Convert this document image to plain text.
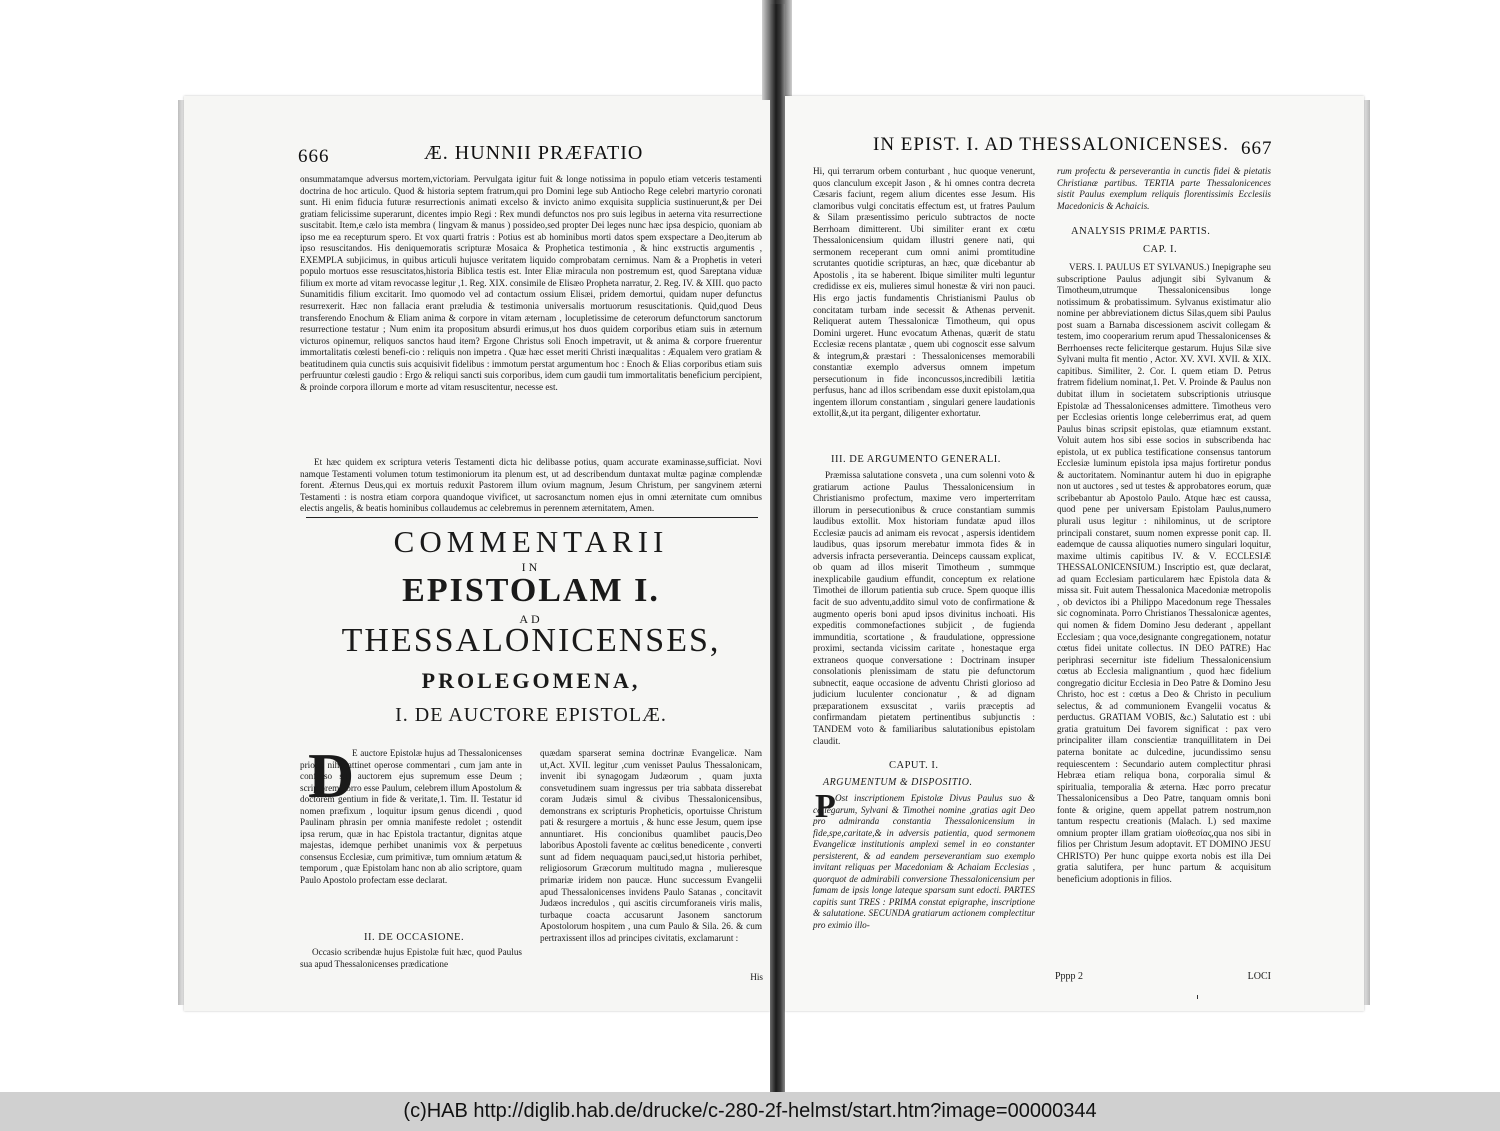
666	Æ. HUNNII PRÆFATIO
onsummatamque adversus mortem,victoriam. Pervulgata igitur fuit & longe notissima in populo etiam vetceris testamenti doctrina de hoc articulo. Quod & historia septem fratrum,qui pro Domini lege sub Antiocho Rege celebri martyrio coronati sunt. Hi enim fiducia futuræ resurrectionis animati excelso & invicto animo exquisita supplicia sustinuerunt,& per Dei gratiam felicissime superarunt, dicentes impio Regi : Rex mundi defunctos nos pro suis legibus in aeterna vita resurrectione suscitabit. Item,e cælo ista membra ( lingvam & manus ) possideo,sed propter Dei leges nunc hæc ipsa despicio, quoniam ab ipso me ea recepturum spero. Et vox quarti fratris : Potius est ab hominibus morti datos spem exspectare a Deo,iterum ab ipso resuscitandos. His deniquemoratis scripturæ Mosaica & Prophetica testimonia , & hinc exstructis argumentis , EXEMPLA subjicimus, in quibus articuli hujusce veritatem liquido comprobatam cernimus. Nam & a Prophetis in veteri populo mortuos esse resuscitatos,historia Biblica testis est. Inter Eliæ miracula non postremum est, quod Sareptana viduæ filium ex morte ad vitam revocasse legitur ,1. Reg. XIX. consimile de Elisæo Propheta narratur, 2. Reg. IV. & XIII. quo pacto Sunamitidis filium excitarit. Imo quomodo vel ad contactum ossium Elisæi, pridem demortui, quidam nuper defunctus resurrexerit. Hæc non fallacia erant præludia & testimonia universalis mortuorum resuscitationis. Quid,quod Deus transferendo Enochum & Eliam anima & corpore in vitam æternam , locupletissime de ceterorum defunctorum sanctorum resurrectione testatur ; Num enim ita propositum absurdi erimus,ut hos duos quidem corporibus etiam suis in æternum victuros opinemur, reliquos sanctos haud item? Ergone Christus soli Enoch impetravit, ut & anima & corpore fruerentur immortalitatis cœlesti benefi-cio : reliquis non impetra . Quæ hæc esset meriti Christi inæqualitas : Æqualem vero gratiam & beatitudinem quia cunctis suis acquisivit fidelibus : immotum perstat argumentum hoc : Enoch & Elias corporibus etiam suis perfruuntur cœlesti gaudio : Ergo & reliqui sancti suis corporibus, idem cum gaudii tum immortalitatis beneficium percipient, & proinde corpora illorum e morte ad vitam resuscitentur, necesse est.
Et hæc quidem ex scriptura veteris Testamenti dicta hic delibasse potius, quam accurate examinasse,sufficiat. Novi namque Testamenti volumen totum testimoniorum ita plenum est, ut ad describendum duntaxat multæ paginæ complendæ forent. Æternus Deus,qui ex mortuis reduxit Pastorem illum ovium magnum, Jesum Christum, per sangvinem æterni Testamenti : is nostra etiam corpora quandoque vivificet, ut sacrosanctum nomen ejus in omni æternitate cum omnibus electis angelis, & beatis hominibus collaudemus ac celebremus in perennem æternitatem, Amen.
COMMENTARII
IN
EPISTOLAM I.
AD
THESSALONICENSES,
PROLEGOMENA,
I. DE AUCTORE EPISTOLÆ.
D
E auctore Epistolæ hujus ad Thessalonicenses prioris nihil attinet operose commentari , cum jam ante in confesso sit, auctorem ejus supremum esse Deum ; scriptorem porro esse Paulum, celebrem illum Apostolum & doctorem gentium in fide & veritate,1. Tim. II. Testatur id nomen præfixum , loquitur ipsum genus dicendi , quod Paulinam phrasin per omnia manifeste redolet ; ostendit ipsa rerum, quæ in hac Epistola tractantur, dignitas atque majestas, idemque perhibet unanimis vox & perpetuus consensus Ecclesiæ, cum primitivæ, tum omnium ætatum & temporum , quæ Epistolam hanc non ab alio scriptore, quam Paulo Apostolo profectam esse declarat.
II. DE OCCASIONE.
Occasio scribendæ hujus Epistolæ fuit hæc, quod Paulus sua apud Thessalonicenses prædicatione
quædam sparserat semina doctrinæ Evangelicæ. Nam ut,Act. XVII. legitur ,cum venisset Paulus Thessalonicam, invenit ibi synagogam Judæorum , quam juxta consvetudinem suam ingressus per tria sabbata disserebat coram Judæis simul & civibus Thessalonicensibus, demonstrans ex scripturis Propheticis, oportuisse Christum pati & resurgere a mortuis , & hunc esse Jesum, quem ipse annuntiaret. His concionibus quamlibet paucis,Deo laboribus Apostoli favente ac cœlitus benedicente , converti sunt ad fidem nequaquam pauci,sed,ut historia perhibet, religiosorum Græcorum multitudo magna , mulieresque primariæ iridem non paucæ. Hunc successum Evangelii apud Thessalonicenses invidens Paulo Satanas , concitavit Judæos incredulos , qui ascitis circumforaneis viris malis, turbaque coacta accusarunt Jasonem sanctorum Apostolorum hospitem , una cum Paulo & Sila. 26. & cum pertraxissent illos ad principes civitatis, exclamarunt :
His
IN EPIST. I. AD THESSALONICENSES. 667
Hi, qui terrarum orbem conturbant , huc quoque venerunt, quos clanculum excepit Jason , & hi omnes contra decreta Cæsaris faciunt, regem alium dicentes esse Jesum. His clamoribus vulgi concitatis effectum est, ut fratres Paulum & Silam præsentissimo periculo subtractos de nocte Berrhoam dimitterent. Ubi similiter erant ex cœtu Thessalonicensium quidam illustri genere nati, qui sermonem receperant cum omni animi promtitudine scrutantes quotidie scripturas, an hæc, quæ dicebantur ab Apostolis , ita se haberent. Ibique similiter multi leguntur credidisse ex eis, mulieres simul honestæ & viri non pauci. His ergo jactis fundamentis Christianismi Paulus ob concitatam turbam inde secessit & Athenas pervenit. Reliquerat autem Thessalonicæ Timotheum, qui opus Domini urgeret. Hunc evocatum Athenas, quærit de statu Ecclesiæ recens plantatæ , quem ubi cognoscit esse salvum & integrum,& præstari : Thessalonicenses memorabili constantiæ exemplo adversus omnem impetum persecutionum in fide inconcussos,incredibili lætitia perfusus, hanc ad illos scribendam esse duxit epistolam,qua ingentem illorum constantiam , singulari genere laudationis extollit,&,ut ita pergant, diligenter exhortatur.
III. DE ARGUMENTO GENERALI.
Præmissa salutatione consveta , una cum solenni voto & gratiarum actione Paulus Thessalonicensium in Christianismo profectum, maxime vero imperterritam illorum in persecutionibus & cruce constantiam summis laudibus extollit. Mox historiam fundatæ apud illos Ecclesiæ paucis ad animam eis revocat , aspersis identidem laudibus, quas ipsorum merebatur immota fides & in adversis infracta perseverantia. Deinceps caussam explicat, ob quam ad illos miserit Timotheum , summque inexplicabile gaudium effundit, conceptum ex relatione Timothei de illorum patientia sub cruce. Spem quoque illis facit de suo adventu,addito simul voto de confirmatione & augmento operis boni apud ipsos divinitus inchoati. His expeditis commonefactiones subjicit , de fugienda immunditia, scortatione , & fraudulatione, oppressione proximi, sectanda vicissim caritate , honestaque erga extraneos quoque conversatione : Doctrinam insuper consolationis plenissimam de statu pie defunctorum subnectit, eaque occasione de adventu Christi glorioso ad judicium luculenter concionatur , & ad dignam præparationem exsuscitat , variis præceptis ad confirmandam pietatem pertinentibus subjunctis : TANDEM voto & familiaribus salutationibus epistolam claudit.
CAPUT. I.
ARGUMENTUM & DISPOSITIO.
P Ost inscriptionem Epistolæ Divus Paulus suo & collegarum, Sylvani & Timothei nomine ,gratias agit Deo pro admiranda constantia Thessalonicensium in fide,spe,caritate,& in adversis patientia, quod sermonem Evangelicæ institutionis amplexi semel in eo constanter persisterent, & ad eandem perseverantiam suo exemplo invitant reliquas per Macedoniam & Achaiam Ecclesias , quorquot de admirabili conversione Thessalonicensium per famam de ipsis longe lateque sparsam sunt edocti. PARTES capitis sunt TRES : PRIMA constat epigraphe, inscriptione & salutatione. SECUNDA gratiarum actionem complectitur pro eximio illo-
rum profectu & perseverantia in cunctis fidei & pietatis Christianæ partibus. TERTIA parte Thessalonicences sistit Paulus exemplum reliquis florentissimis Ecclesiis Macedonicis & Achaicis.
ANALYSIS PRIMÆ PARTIS.
CAP. I.
VERS. I. PAULUS ET SYLVANUS.) Inepigraphe seu subscriptione Paulus adjungit sibi Sylvanum & Timotheum,utrumque Thessalonicensibus longe notissimum & probatissimum. Sylvanus existimatur alio nomine per abbreviationem dictus Silas,quem sibi Paulus post suam a Barnaba discessionem ascivit collegam & testem, imo cooperarium rerum apud Thessalonicenses & Berrhoenses recte feliciterque gestarum. Hujus Silæ sive Sylvani multa fit mentio , Actor. XV. XVI. XVII. & XIX. capitibus. Similiter, 2. Cor. I. quem etiam D. Petrus fratrem fidelium nominat,1. Pet. V. Proinde & Paulus non dubitat illum in societatem subscriptionis utriusque Epistolæ ad Thessalonicenses admittere. Timotheus vero per Ecclesias orientis longe celeberrimus erat, ad quem Paulus binas scripsit epistolas, quæ etiamnum exstant. Voluit autem hos sibi esse socios in subscribenda hac epistola, ut ex publica testificatione consensus tantorum Ecclesiæ luminum epistola ipsa majus fortiretur pondus & auctoritatem. Nominantur autem hi duo in epigraphe non ut auctores , sed ut testes & approbatores eorum, quæ scribebantur ab Apostolo Paulo. Atque hæc est caussa, quod pene per universam Epistolam Paulus,numero plurali usus legitur : nihilominus, ut de scriptore principali constaret, suum nomen expresse ponit cap. II. eademque de caussa aliquoties numero singulari loquitur, maxime ultimis capitibus IV. & V. ECCLESIÆ THESSALONICENSIUM.) Inscriptio est, quæ declarat, ad quam Ecclesiam particularem hæc Epistola data & missa sit. Fuit autem Thessalonica Macedoniæ metropolis , ob devictos ibi a Philippo Macedonum rege Thessales sic cognominata. Porro Christianos Thessalonicæ agentes, qui nomen & fidem Domino Jesu dederant , appellant Ecclesiam ; qua voce,designante congregationem, notatur cœtus fidei unitate collectus. IN DEO PATRE) Hac periphrasi secernitur iste fidelium Thessalonicensium cœtus ab Ecclesia malignantium , quod hæc fidelium congregatio dicitur Ecclesia in Deo Patre & Domino Jesu Christo, hoc est : cœtus a Deo & Christo in peculium selectus, & ad communionem Evangelii vocatus & perductus. GRATIAM VOBIS, &c.) Salutatio est : ubi gratia gratuitum Dei favorem significat : pax vero principaliter illam conscientiæ tranquillitatem in Dei paterna bonitate ac dulcedine, jucundissimo sensu requiescentem : Secundario autem complectitur phrasi Hebræa etiam reliqua bona, corporalia simul & spiritualia, temporalia & æterna. Hæc porro precatur Thessalonicensibus a Deo Patre, tanquam omnis boni fonte & origine, quem appellat patrem nostrum,non tantum respectu creationis (Malach. I.) sed maxime omnium propter illam gratiam υἱοθεσίας,qua nos sibi in filios per Christum Jesum adoptavit. ET DOMINO JESU CHRISTO) Per hunc quippe exorta nobis est illa Dei gratia salutifera, per hunc partum & acquisitum beneficium adoptionis in filios.
Pppp 2	LOCI
(c)HAB http://diglib.hab.de/drucke/c-280-2f-helmst/start.htm?image=00000344
